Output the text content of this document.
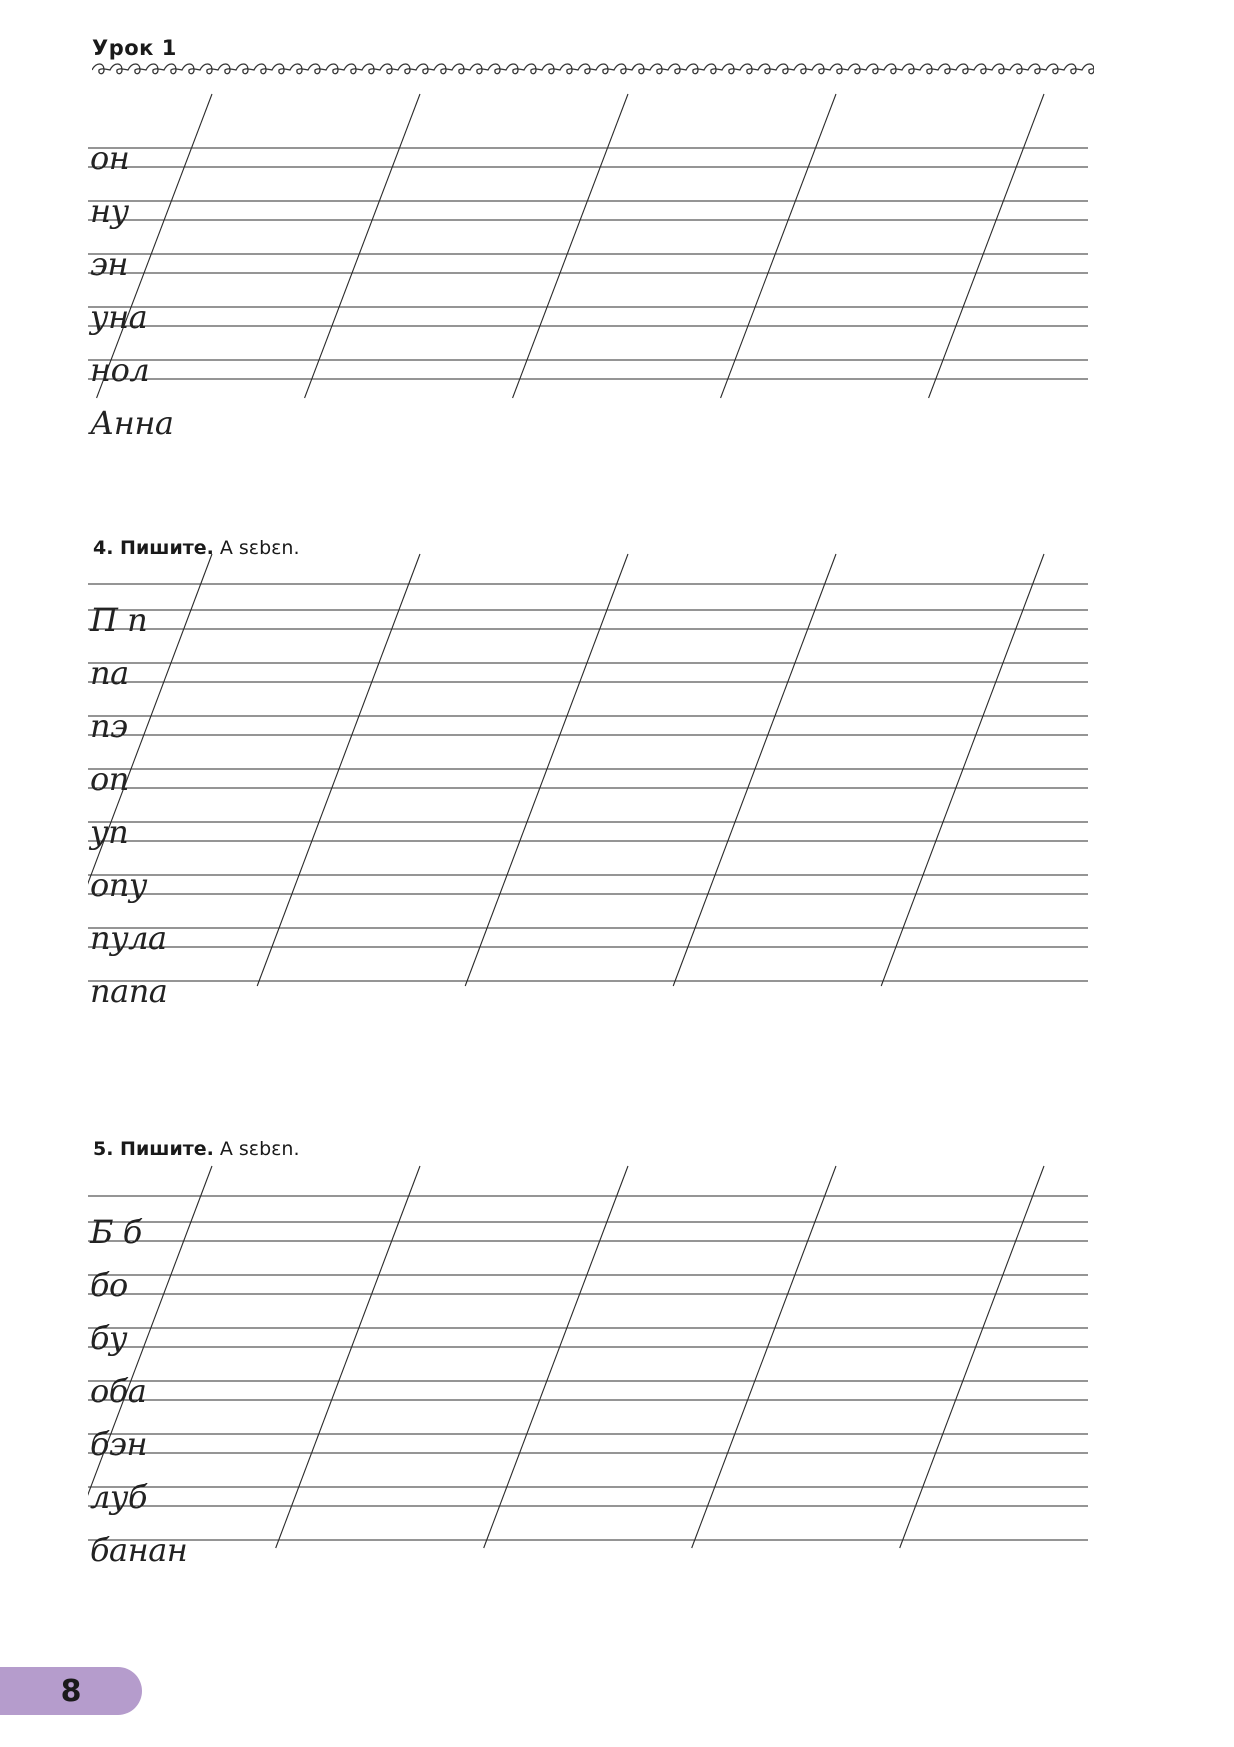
Урок 1
он
ну
эн
уна
нол
Анна
4. Пишите. A sɛbɛn.
П п
па
пэ
оп
уп
опу
пула
папа
5. Пишите. A sɛbɛn.
Б б
бо
бу
оба
бэн
луб
банан
8
